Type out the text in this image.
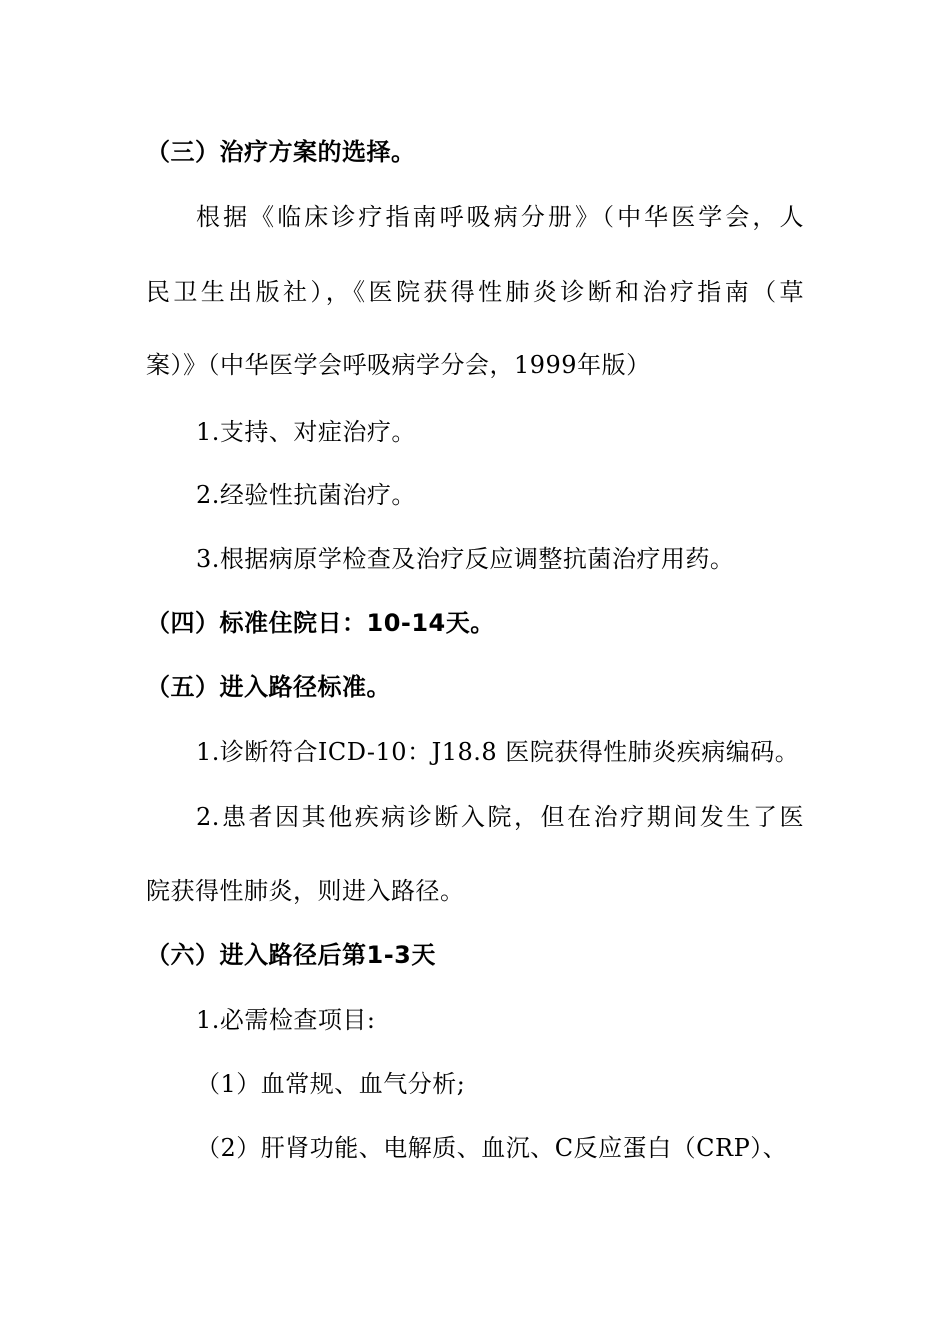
（三）治疗方案的选择。
根据《临床诊疗指南呼吸病分册》（中华医学会，人
民卫生出版社），《医院获得性肺炎诊断和治疗指南（草
案）》（中华医学会呼吸病学分会，1999年版）
1.支持、对症治疗。
2.经验性抗菌治疗。
3.根据病原学检查及治疗反应调整抗菌治疗用药。
（四）标准住院日：10-14天。
（五）进入路径标准。
1.诊断符合ICD-10：J18.8 医院获得性肺炎疾病编码。
2.患者因其他疾病诊断入院，但在治疗期间发生了医
院获得性肺炎，则进入路径。
（六）进入路径后第1-3天
1.必需检查项目:
（1）血常规、血气分析;
（2）肝肾功能、电解质、血沉、C反应蛋白（CRP）、
